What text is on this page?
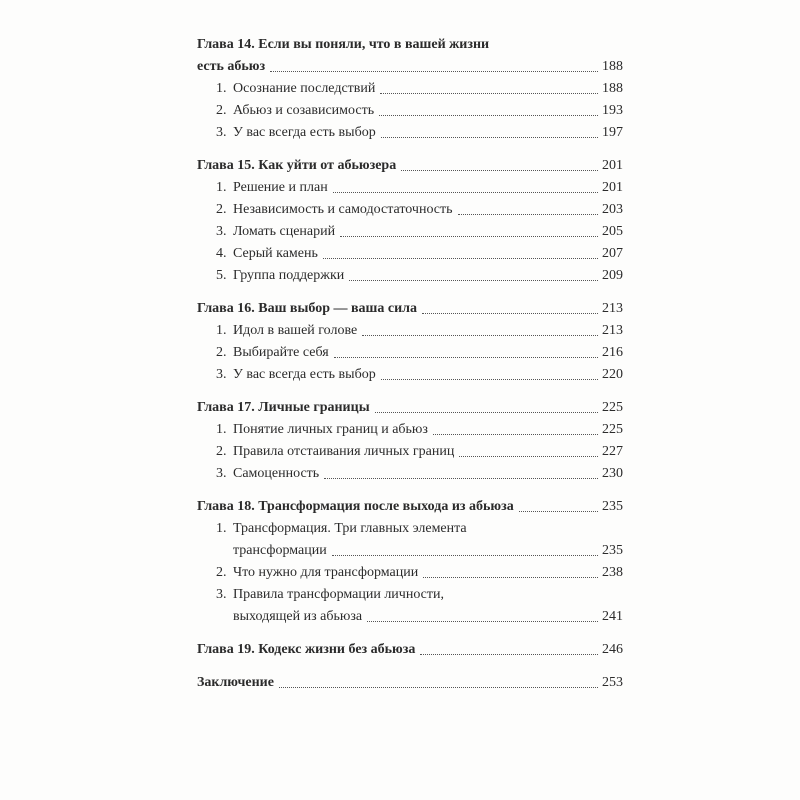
Глава 14. Если вы поняли, что в вашей жизни
есть абьюз	188
1. Осознание последствий	188
2. Абьюз и созависимость	193
3. У вас всегда есть выбор	197
Глава 15. Как уйти от абьюзера	201
1. Решение и план	201
2. Независимость и самодостаточность	203
3. Ломать сценарий	205
4. Серый камень	207
5. Группа поддержки	209
Глава 16. Ваш выбор — ваша сила	213
1. Идол в вашей голове	213
2. Выбирайте себя	216
3. У вас всегда есть выбор	220
Глава 17. Личные границы	225
1. Понятие личных границ и абьюз	225
2. Правила отстаивания личных границ	227
3. Самоценность	230
Глава 18. Трансформация после выхода из абьюза	235
1. Трансформация. Три главных элемента
трансформации	235
2. Что нужно для трансформации	238
3. Правила трансформации личности,
выходящей из абьюза	241
Глава 19. Кодекс жизни без абьюза	246
Заключение	253
